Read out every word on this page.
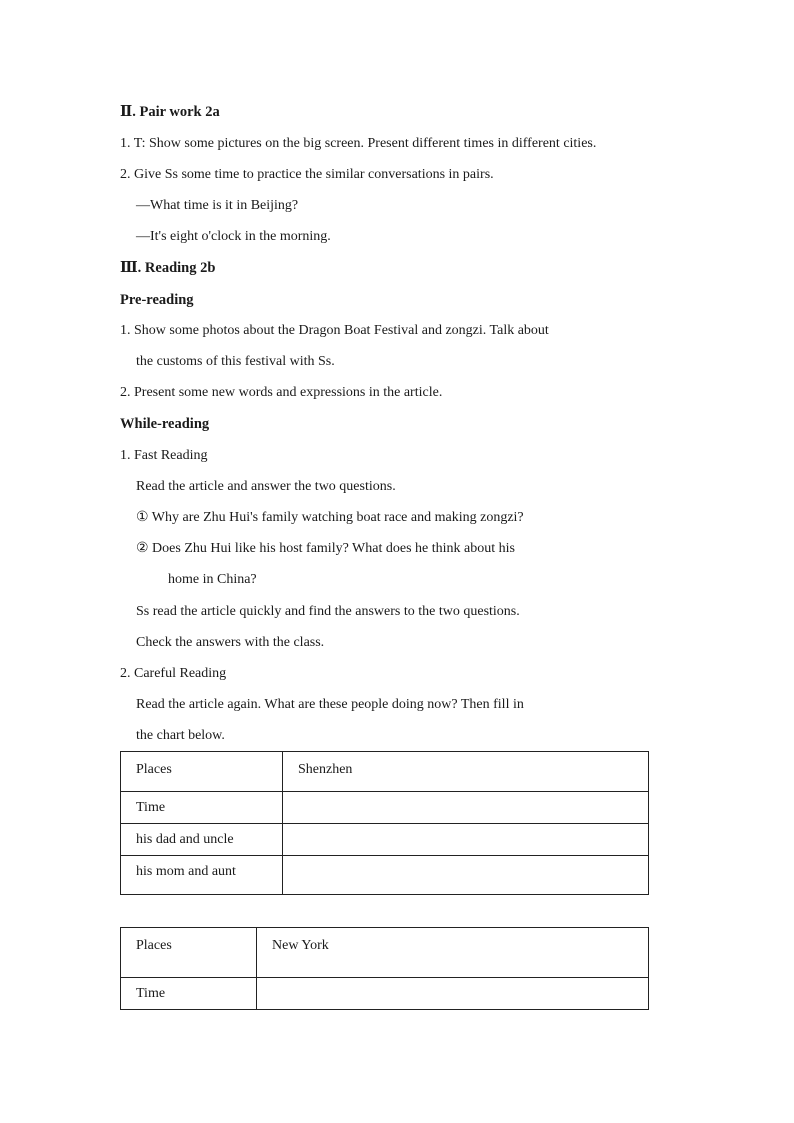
Ⅱ. Pair work 2a
1. T: Show some pictures on the big screen. Present different times in different cities.
2. Give Ss some time to practice the similar conversations in pairs.
—What time is it in Beijing?
—It's eight o'clock in the morning.
Ⅲ. Reading 2b
Pre-reading
1. Show some photos about the Dragon Boat Festival and zongzi. Talk about
the customs of this festival with Ss.
2. Present some new words and expressions in the article.
While-reading
1. Fast Reading
Read the article and answer the two questions.
① Why are Zhu Hui's family watching boat race and making zongzi?
② Does Zhu Hui like his host family? What does he think about his
home in China?
Ss read the article quickly and find the answers to the two questions.
Check the answers with the class.
2. Careful Reading
Read the article again. What are these people doing now? Then fill in
the chart below.
Places	Shenzhen
Time	
his dad and uncle	
his mom and aunt	
Places	New York
Time	
